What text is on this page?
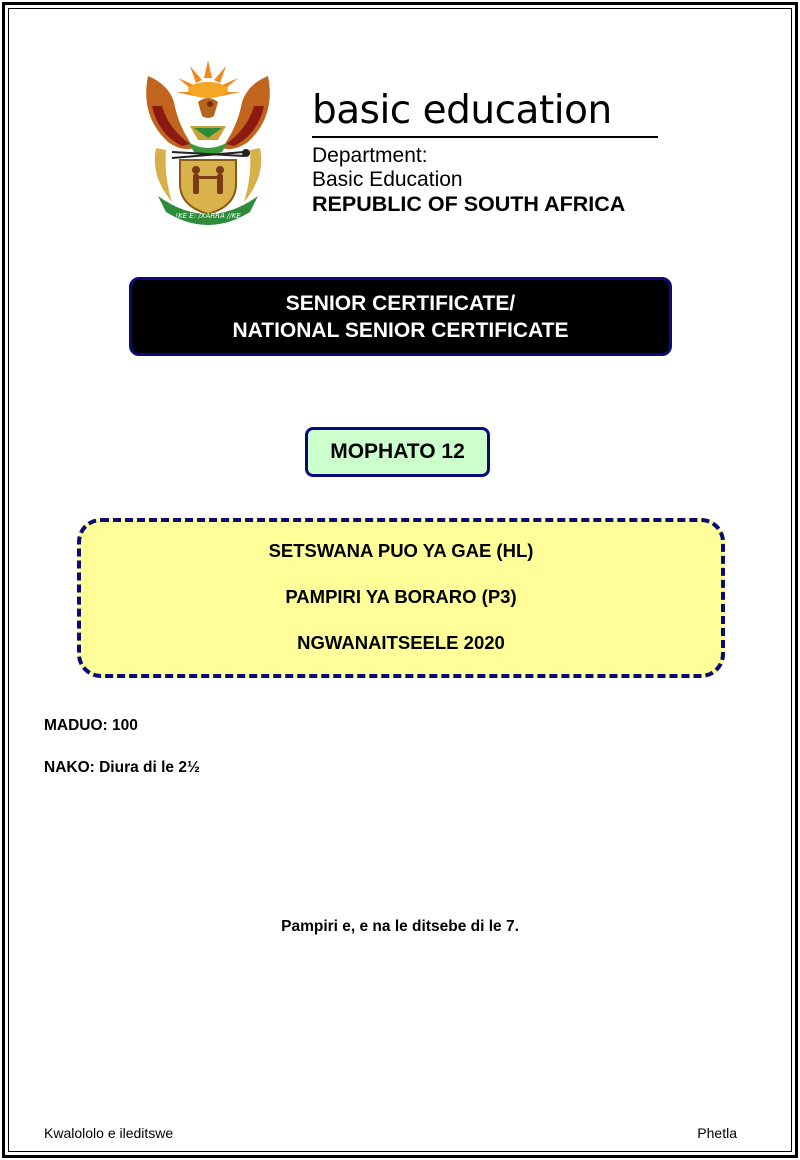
!KE E: /XARRA //KE
basic education
Department:
Basic Education
REPUBLIC OF SOUTH AFRICA
SENIOR CERTIFICATE/
NATIONAL SENIOR CERTIFICATE
MOPHATO 12
SETSWANA PUO YA GAE (HL)
PAMPIRI YA BORARO (P3)
NGWANAITSEELE 2020
MADUO: 100
NAKO: Diura di le 2½
Pampiri e, e na le ditsebe di le 7.
Kwalololo e ileditswe	Phetla
